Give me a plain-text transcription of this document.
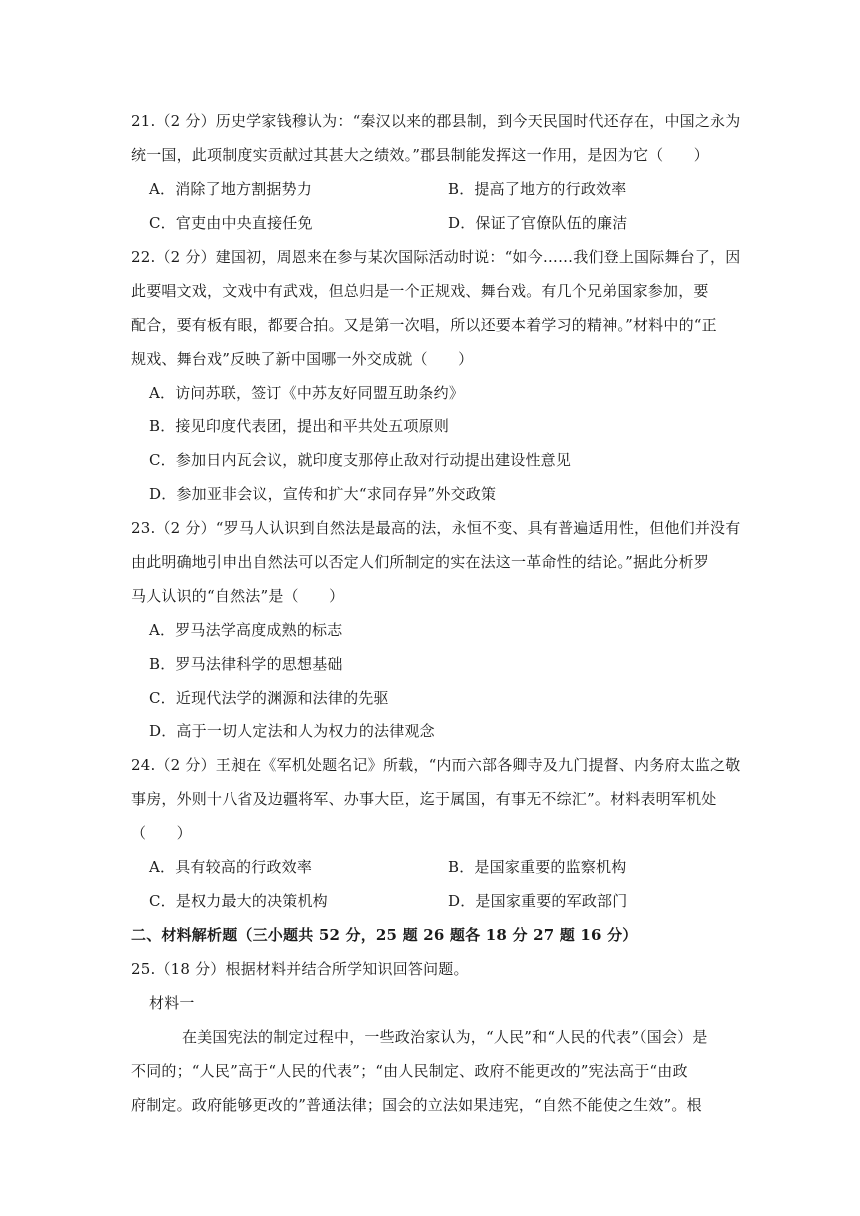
21.（2 分）历史学家钱穆认为：“秦汉以来的郡县制，到今天民国时代还存在，中国之永为
统一国，此项制度实贡献过其甚大之绩效。”郡县制能发挥这一作用，是因为它（　　）
A．消除了地方割据势力	B．提高了地方的行政效率
C．官吏由中央直接任免	D．保证了官僚队伍的廉洁
22.（2 分）建国初，周恩来在参与某次国际活动时说：“如今……我们登上国际舞台了，因
此要唱文戏，文戏中有武戏，但总归是一个正规戏、舞台戏。有几个兄弟国家参加，要
配合，要有板有眼，都要合拍。又是第一次唱，所以还要本着学习的精神。”材料中的“正
规戏、舞台戏”反映了新中国哪一外交成就（　　）
A．访问苏联，签订《中苏友好同盟互助条约》
B．接见印度代表团，提出和平共处五项原则
C．参加日内瓦会议，就印度支那停止敌对行动提出建设性意见
D．参加亚非会议，宣传和扩大“求同存异”外交政策
23.（2 分）“罗马人认识到自然法是最高的法，永恒不变、具有普遍适用性，但他们并没有
由此明确地引申出自然法可以否定人们所制定的实在法这一革命性的结论。”据此分析罗
马人认识的“自然法”是（　　）
A．罗马法学高度成熟的标志
B．罗马法律科学的思想基础
C．近现代法学的渊源和法律的先驱
D．高于一切人定法和人为权力的法律观念
24.（2 分）王昶在《军机处题名记》所载，“内而六部各卿寺及九门提督、内务府太监之敬
事房，外则十八省及边疆将军、办事大臣，迄于属国，有事无不综汇”。材料表明军机处
（　　）
A．具有较高的行政效率	B．是国家重要的监察机构
C．是权力最大的决策机构	D．是国家重要的军政部门
二、材料解析题（三小题共 52 分，25 题 26 题各 18 分 27 题 16 分）
25.（18 分）根据材料并结合所学知识回答问题。
材料一
在美国宪法的制定过程中，一些政治家认为，“人民”和“人民的代表”（国会）是
不同的；“人民”高于“人民的代表”；“由人民制定、政府不能更改的”宪法高于“由政
府制定。政府能够更改的”普通法律；国会的立法如果违宪，“自然不能使之生效”。根
